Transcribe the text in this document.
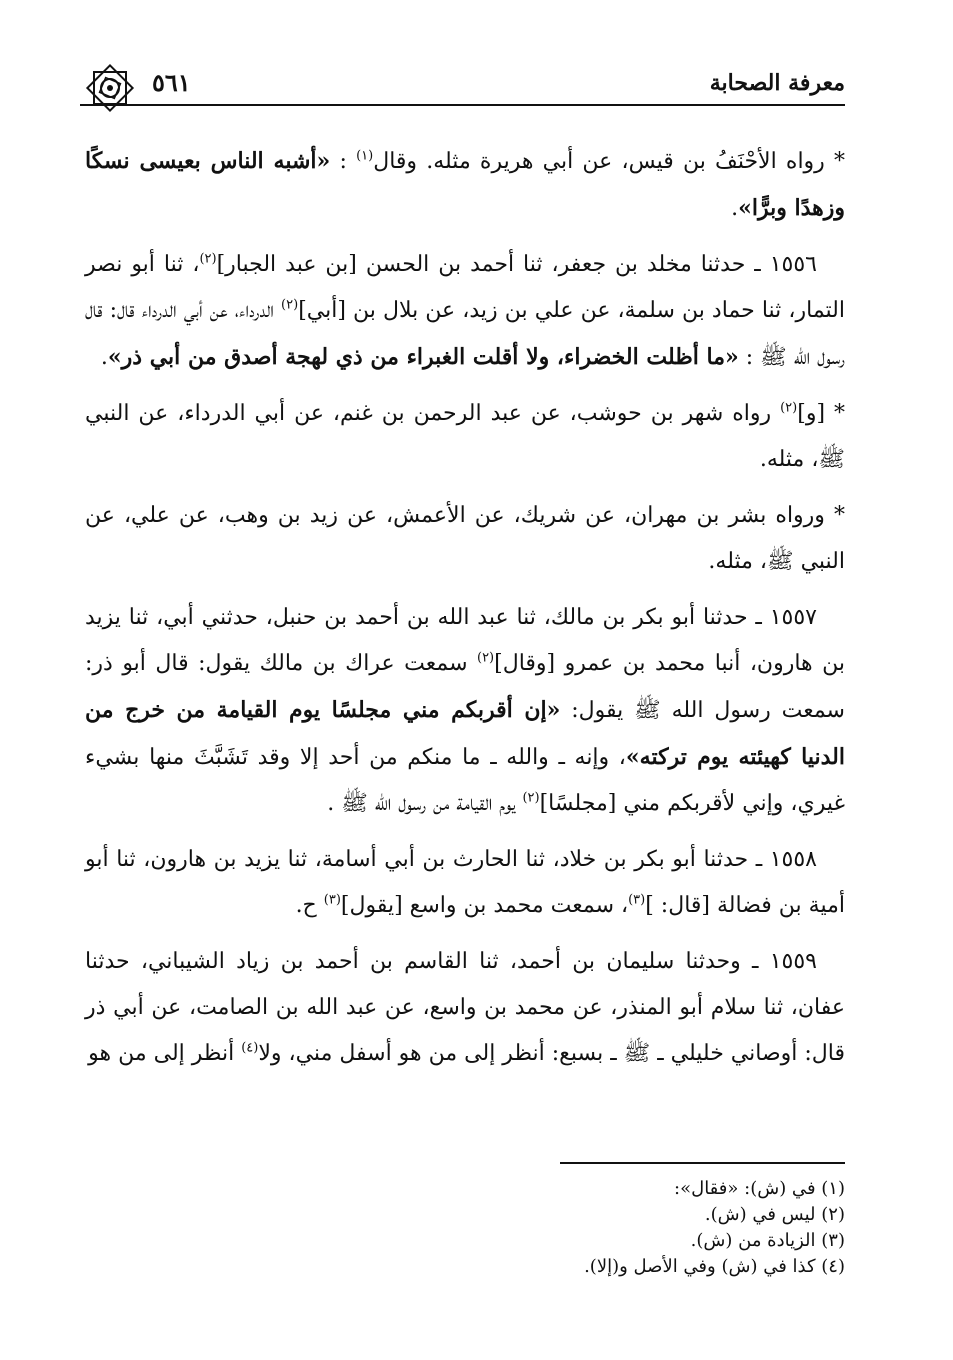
معرفة الصحابة
٥٦١

* رواه الأحْنَفُ بن قيس، عن أبي هريرة مثله. وقال$^{(١)}$ : «أشبه الناس بعيسى نسكًا وزهدًا وبرًّا».

١٥٥٦ ـ حدثنا مخلد بن جعفر، ثنا أحمد بن الحسن [بن عبد الجبار]$^{(٢)}$، ثنا أبو نصر التمار، ثنا حماد بن سلمة، عن علي بن زيد، عن بلال بن [أبي]$^{(٢)}$ الدرداء، عن أبي الدرداء قال: قال رسول الله ﷺ : «ما أظلت الخضراء، ولا أقلت الغبراء من ذي لهجة أصدق من أبي ذر».

* [و]$^{(٢)}$ رواه شهر بن حوشب، عن عبد الرحمن بن غنم، عن أبي الدرداء، عن النبي ﷺ، مثله.

* ورواه بشر بن مهران، عن شريك، عن الأعمش، عن زيد بن وهب، عن علي، عن النبي ﷺ، مثله.

١٥٥٧ ـ حدثنا أبو بكر بن مالك، ثنا عبد الله بن أحمد بن حنبل، حدثني أبي، ثنا يزيد بن هارون، أنبا محمد بن عمرو [وقال]$^{(٢)}$ سمعت عراك بن مالك يقول: قال أبو ذر: سمعت رسول الله ﷺ يقول: «إن أقربكم مني مجلسًا يوم القيامة من خرج من الدنيا كهيئته يوم تركته»، وإنه ـ والله ـ ما منكم من أحد إلا وقد تَشَبَّثَ منها بشيء غيري، وإني لأقربكم مني [مجلسًا]$^{(٢)}$ يوم القيامة من رسول الله ﷺ .

١٥٥٨ ـ حدثنا أبو بكر بن خلاد، ثنا الحارث بن أبي أسامة، ثنا يزيد بن هارون، ثنا أبو أمية بن فضالة [قال: ]$^{(٣)}$، سمعت محمد بن واسع [يقول]$^{(٣)}$ ح.

١٥٥٩ ـ وحدثنا سليمان بن أحمد، ثنا القاسم بن أحمد بن زياد الشيباني، حدثنا عفان، ثنا سلام أبو المنذر، عن محمد بن واسع، عن عبد الله بن الصامت، عن أبي ذر قال: أوصاني خليلي ـ ﷺ ـ بسبع: أنظر إلى من هو أسفل مني، ولا$^{(٤)}$ أنظر إلى من هو

(١) في (ش): «فقال»:

(٢) ليس في (ش).

(٣) الزيادة من (ش).

(٤) كذا في (ش) وفي الأصل و(إلا).
